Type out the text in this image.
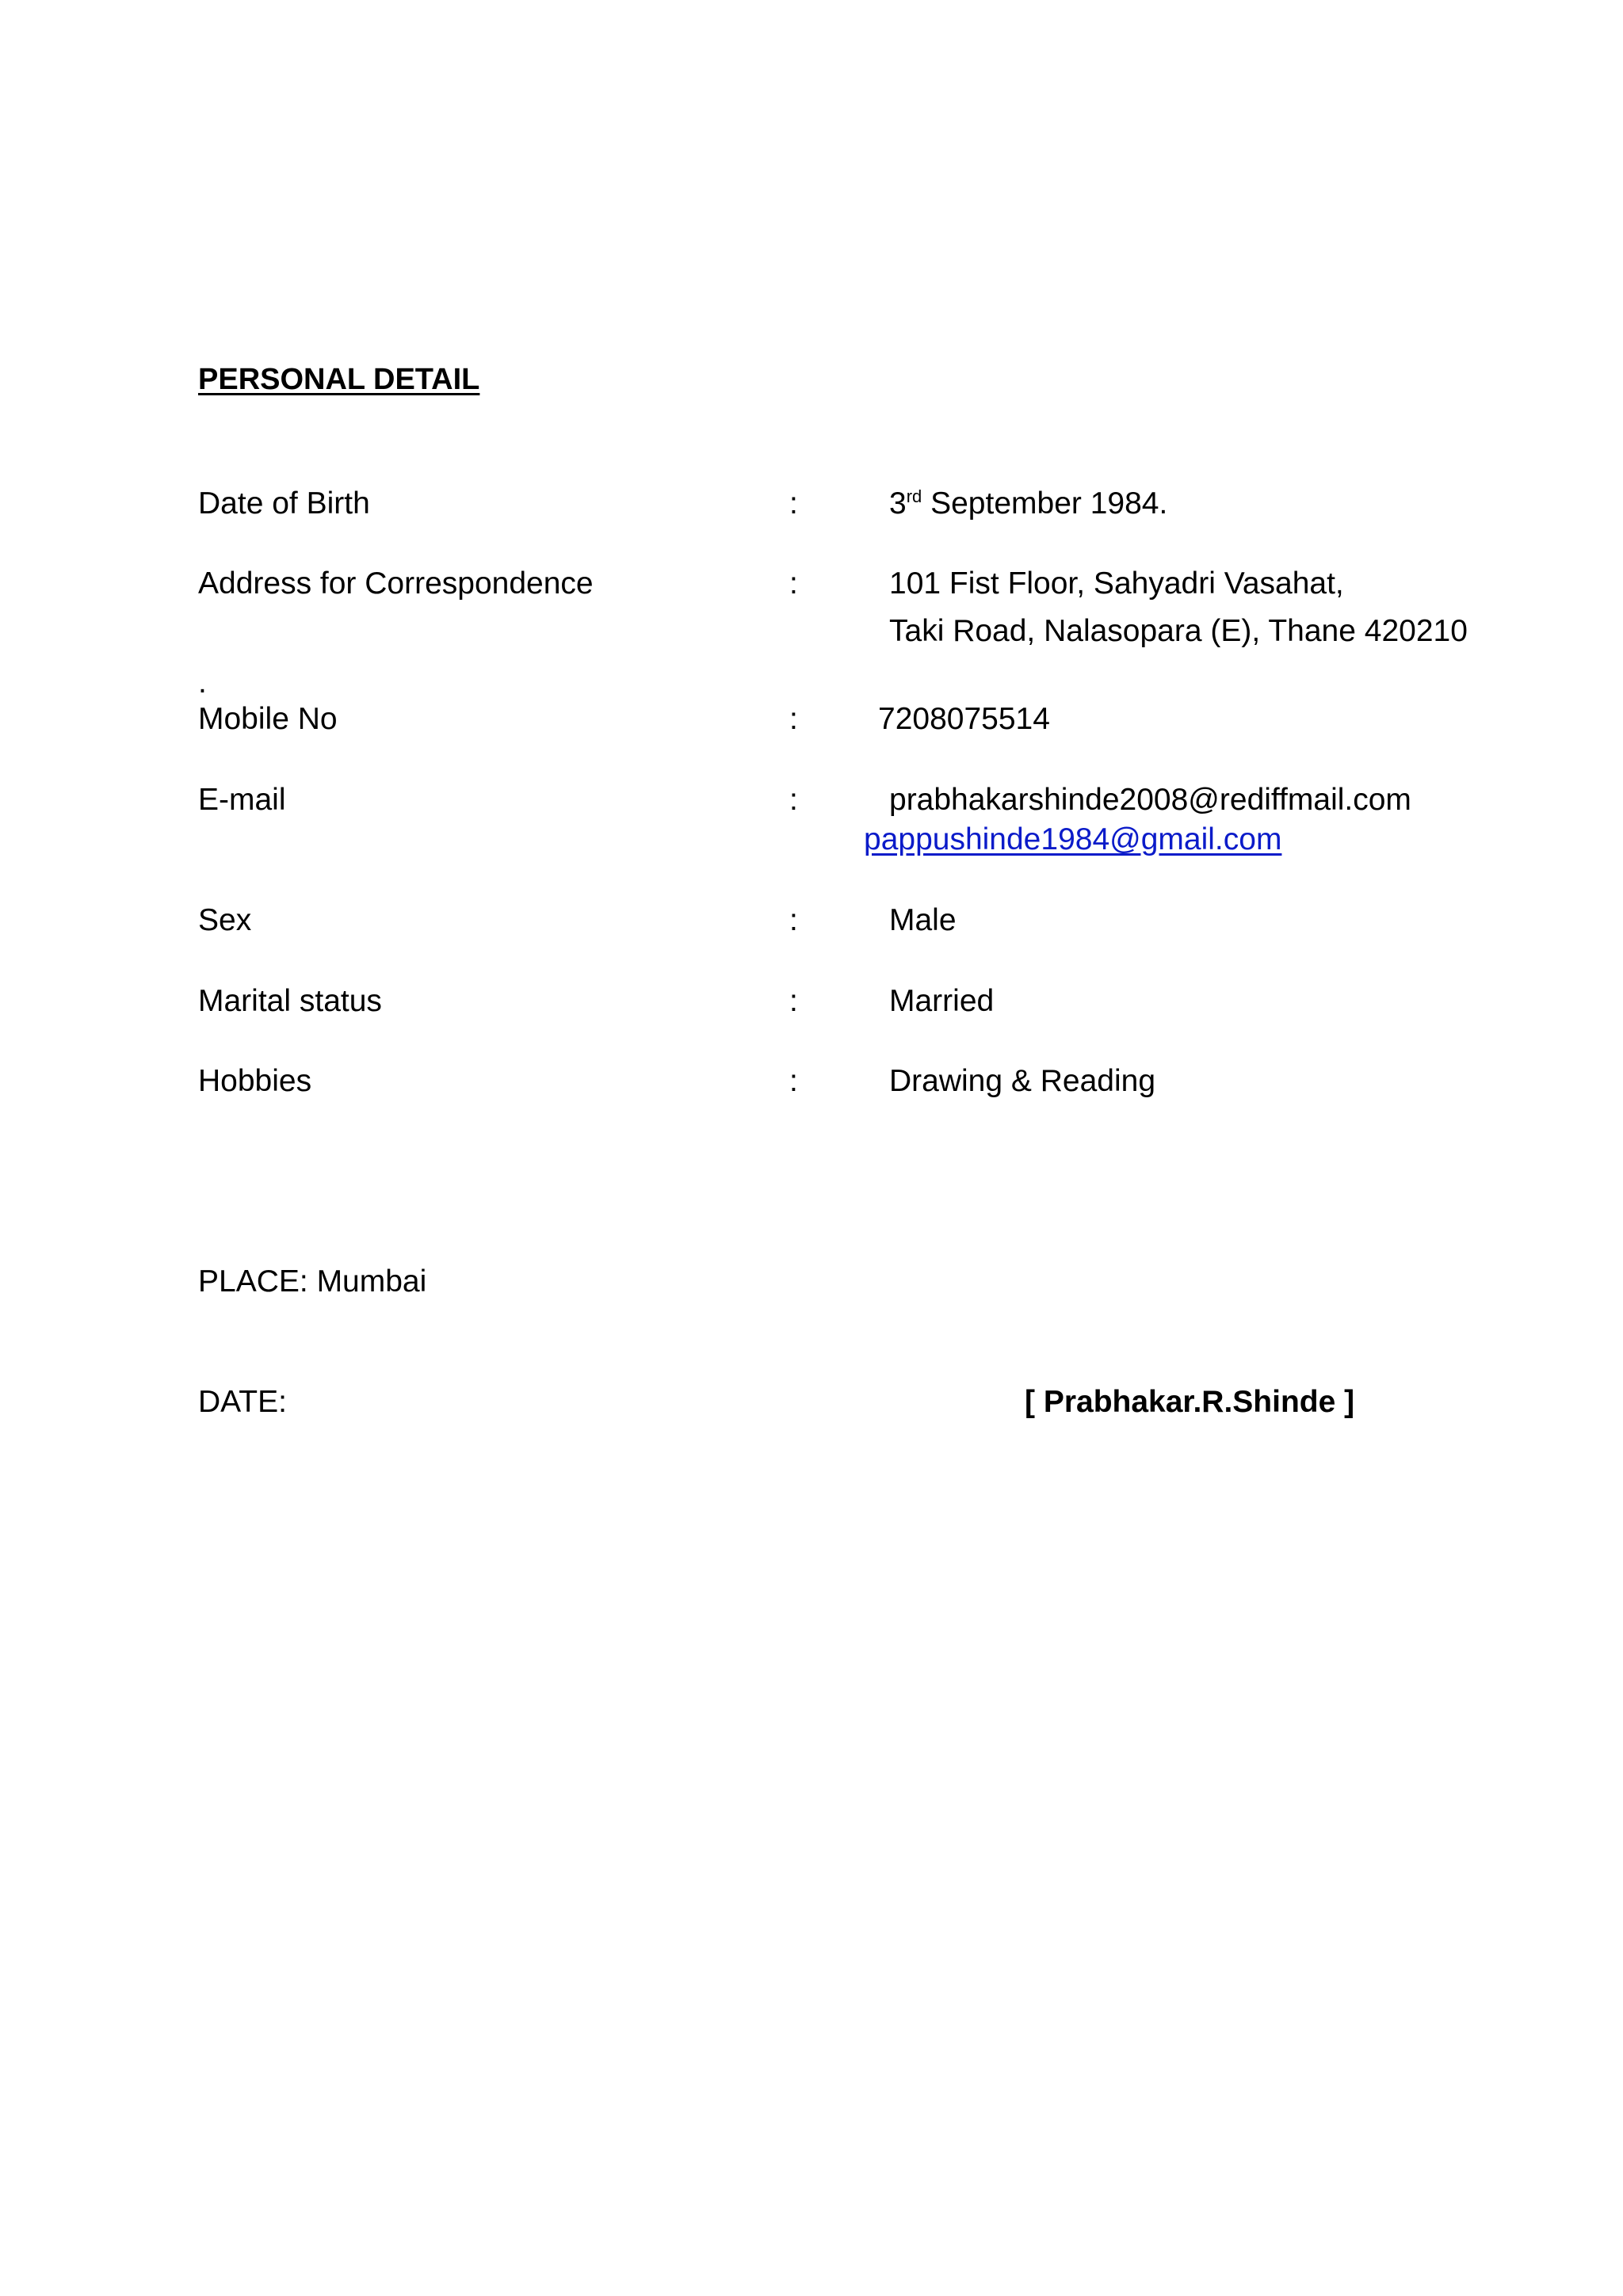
PERSONAL DETAIL
Date of Birth	:	3rd September 1984.
Address for Correspondence	:	101 Fist Floor, Sahyadri Vasahat,
Taki Road, Nalasopara (E), Thane 420210
.
Mobile No	:	7208075514
E-mail	:	prabhakarshinde2008@rediffmail.com
pappushinde1984@gmail.com
Sex	:	Male
Marital status	:	Married
Hobbies	:	Drawing & Reading
PLACE: Mumbai
DATE:	[ Prabhakar.R.Shinde ]
